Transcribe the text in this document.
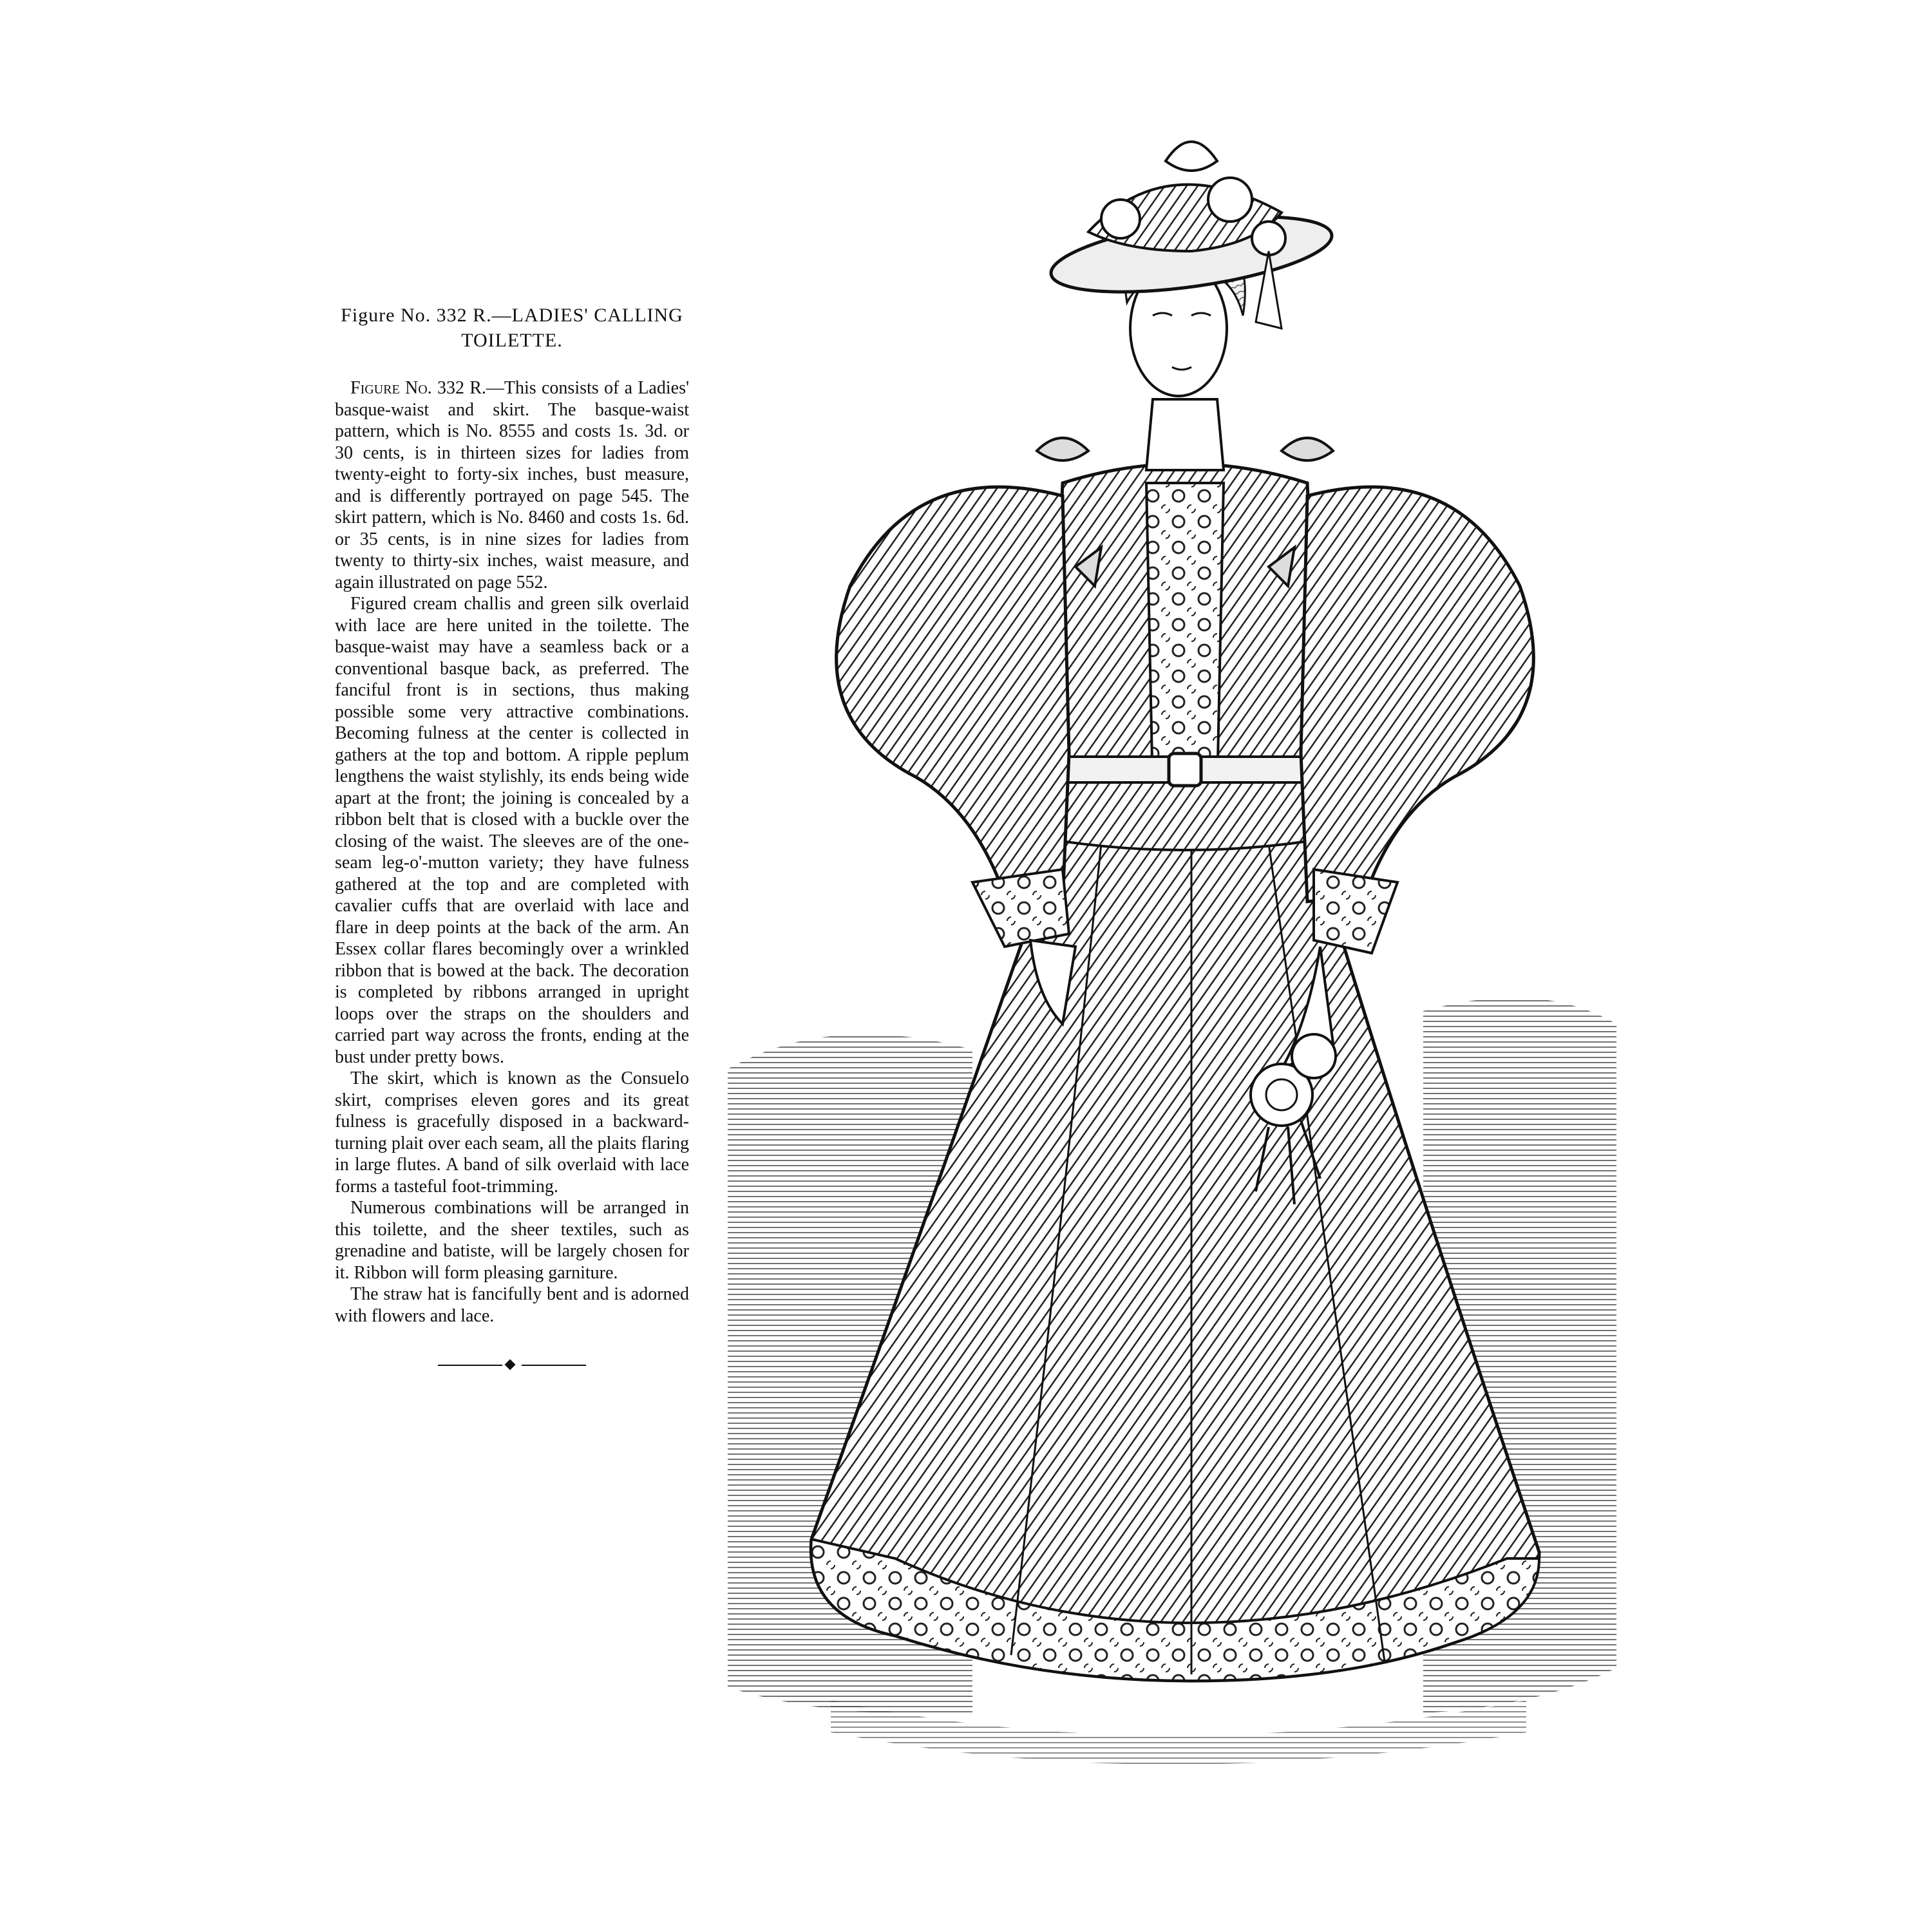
Figure No. 332 R.—LADIES' CALLING
TOILETTE.

Figure No. 332 R.—This consists of a Ladies' basque-waist and skirt. The basque-waist pattern, which is No. 8555 and costs 1s. 3d. or 30 cents, is in thirteen sizes for ladies from twenty-eight to forty-six inches, bust measure, and is differently portrayed on page 545. The skirt pattern, which is No. 8460 and costs 1s. 6d. or 35 cents, is in nine sizes for ladies from twenty to thirty-six inches, waist measure, and again illustrated on page 552.

Figured cream challis and green silk overlaid with lace are here united in the toilette. The basque-waist may have a seamless back or a conventional basque back, as preferred. The fanciful front is in sections, thus making possible some very attractive combinations. Becoming fulness at the center is collected in gathers at the top and bottom. A ripple peplum lengthens the waist stylishly, its ends being wide apart at the front; the joining is concealed by a ribbon belt that is closed with a buckle over the closing of the waist. The sleeves are of the one-seam leg-o'-mutton variety; they have fulness gathered at the top and are completed with cavalier cuffs that are overlaid with lace and flare in deep points at the back of the arm. An Essex collar flares becomingly over a wrinkled ribbon that is bowed at the back. The decoration is completed by ribbons arranged in upright loops over the straps on the shoulders and carried part way across the fronts, ending at the bust under pretty bows.

The skirt, which is known as the Consuelo skirt, comprises eleven gores and its great fulness is gracefully disposed in a backward-turning plait over each seam, all the plaits flaring in large flutes. A band of silk overlaid with lace forms a tasteful foot-trimming.

Numerous combinations will be arranged in this toilette, and the sheer textiles, such as grenadine and batiste, will be largely chosen for it. Ribbon will form pleasing garniture.

The straw hat is fancifully bent and is adorned with flowers and lace.
